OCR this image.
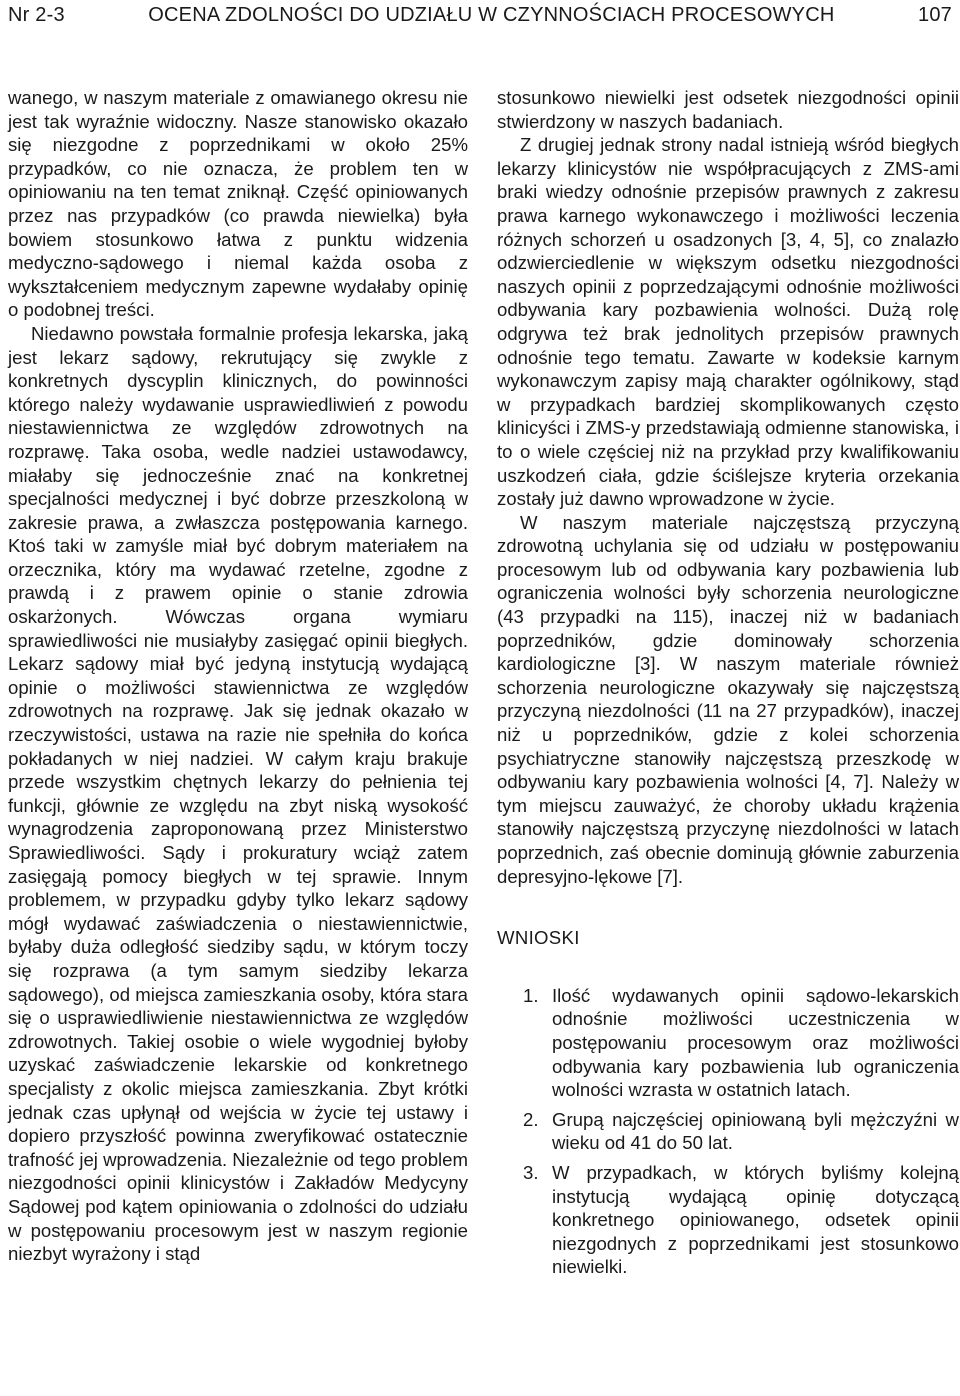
Nr 2-3	OCENA ZDOLNOŚCI DO UDZIAŁU W CZYNNOŚCIACH PROCESOWYCH	107

wanego, w naszym materiale z omawianego okresu nie jest tak wyraźnie widoczny. Nasze stanowisko okazało się niezgodne z poprzednikami w około 25% przypadków, co nie oznacza, że problem ten w opiniowaniu na ten temat zniknął. Część opiniowanych przez nas przypadków (co prawda niewielka) była bowiem stosunkowo łatwa z punktu widzenia medyczno-sądowego i niemal każda osoba z wykształceniem medycznym zapewne wydałaby opinię o podobnej treści.

Niedawno powstała formalnie profesja lekarska, jaką jest lekarz sądowy, rekrutujący się zwykle z konkretnych dyscyplin klinicznych, do powinności którego należy wydawanie usprawiedliwień z powodu niestawiennictwa ze względów zdrowotnych na rozprawę. Taka osoba, wedle nadziei ustawodawcy, miałaby się jednocześnie znać na konkretnej specjalności medycznej i być dobrze przeszkoloną w zakresie prawa, a zwłaszcza postępowania karnego. Ktoś taki w zamyśle miał być dobrym materiałem na orzecznika, który ma wydawać rzetelne, zgodne z prawdą i z prawem opinie o stanie zdrowia oskarżonych. Wówczas organa wymiaru sprawiedliwości nie musiałyby zasięgać opinii biegłych. Lekarz sądowy miał być jedyną instytucją wydającą opinie o możliwości stawiennictwa ze względów zdrowotnych na rozprawę. Jak się jednak okazało w rzeczywistości, ustawa na razie nie spełniła do końca pokładanych w niej nadziei. W całym kraju brakuje przede wszystkim chętnych lekarzy do pełnienia tej funkcji, głównie ze względu na zbyt niską wysokość wynagrodzenia zaproponowaną przez Ministerstwo Sprawiedliwości. Sądy i prokuratury wciąż zatem zasięgają pomocy biegłych w tej sprawie. Innym problemem, w przypadku gdyby tylko lekarz sądowy mógł wydawać zaświadczenia o niestawiennictwie, byłaby duża odległość siedziby sądu, w którym toczy się rozprawa (a tym samym siedziby lekarza sądowego), od miejsca zamieszkania osoby, która stara się o usprawiedliwienie niestawiennictwa ze względów zdrowotnych. Takiej osobie o wiele wygodniej byłoby uzyskać zaświadczenie lekarskie od konkretnego specjalisty z okolic miejsca zamieszkania. Zbyt krótki jednak czas upłynął od wejścia w życie tej ustawy i dopiero przyszłość powinna zweryfikować ostatecznie trafność jej wprowadzenia. Niezależnie od tego problem niezgodności opinii klinicystów i Zakładów Medycyny Sądowej pod kątem opiniowania o zdolności do udziału w postępowaniu procesowym jest w naszym regionie niezbyt wyrażony i stąd

stosunkowo niewielki jest odsetek niezgodności opinii stwierdzony w naszych badaniach.

Z drugiej jednak strony nadal istnieją wśród biegłych lekarzy klinicystów nie współpracujących z ZMS-ami braki wiedzy odnośnie przepisów prawnych z zakresu prawa karnego wykonawczego i możliwości leczenia różnych schorzeń u osadzonych [3, 4, 5], co znalazło odzwierciedlenie w większym odsetku niezgodności naszych opinii z poprzedzającymi odnośnie możliwości odbywania kary pozbawienia wolności. Dużą rolę odgrywa też brak jednolitych przepisów prawnych odnośnie tego tematu. Zawarte w kodeksie karnym wykonawczym zapisy mają charakter ogólnikowy, stąd w przypadkach bardziej skomplikowanych często klinicyści i ZMS-y przedstawiają odmienne stanowiska, i to o wiele częściej niż na przykład przy kwalifikowaniu uszkodzeń ciała, gdzie ściślejsze kryteria orzekania zostały już dawno wprowadzone w życie.

W naszym materiale najczęstszą przyczyną zdrowotną uchylania się od udziału w postępowaniu procesowym lub od odbywania kary pozbawienia lub ograniczenia wolności były schorzenia neurologiczne (43 przypadki na 115), inaczej niż w badaniach poprzedników, gdzie dominowały schorzenia kardiologiczne [3]. W naszym materiale również schorzenia neurologiczne okazywały się najczęstszą przyczyną niezdolności (11 na 27 przypadków), inaczej niż u poprzedników, gdzie z kolei schorzenia psychiatryczne stanowiły najczęstszą przeszkodę w odbywaniu kary pozbawienia wolności [4, 7]. Należy w tym miejscu zauważyć, że choroby układu krążenia stanowiły najczęstszą przyczynę niezdolności w latach poprzednich, zaś obecnie dominują głównie zaburzenia depresyjno-lękowe [7].

WNIOSKI
1. Ilość wydawanych opinii sądowo-lekarskich odnośnie możliwości uczestniczenia w postępowaniu procesowym oraz możliwości odbywania kary pozbawienia lub ograniczenia wolności wzrasta w ostatnich latach.
2. Grupą najczęściej opiniowaną byli mężczyźni w wieku od 41 do 50 lat.
3. W przypadkach, w których byliśmy kolejną instytucją wydającą opinię dotyczącą konkretnego opiniowanego, odsetek opinii niezgodnych z poprzednikami jest stosunkowo niewielki.
